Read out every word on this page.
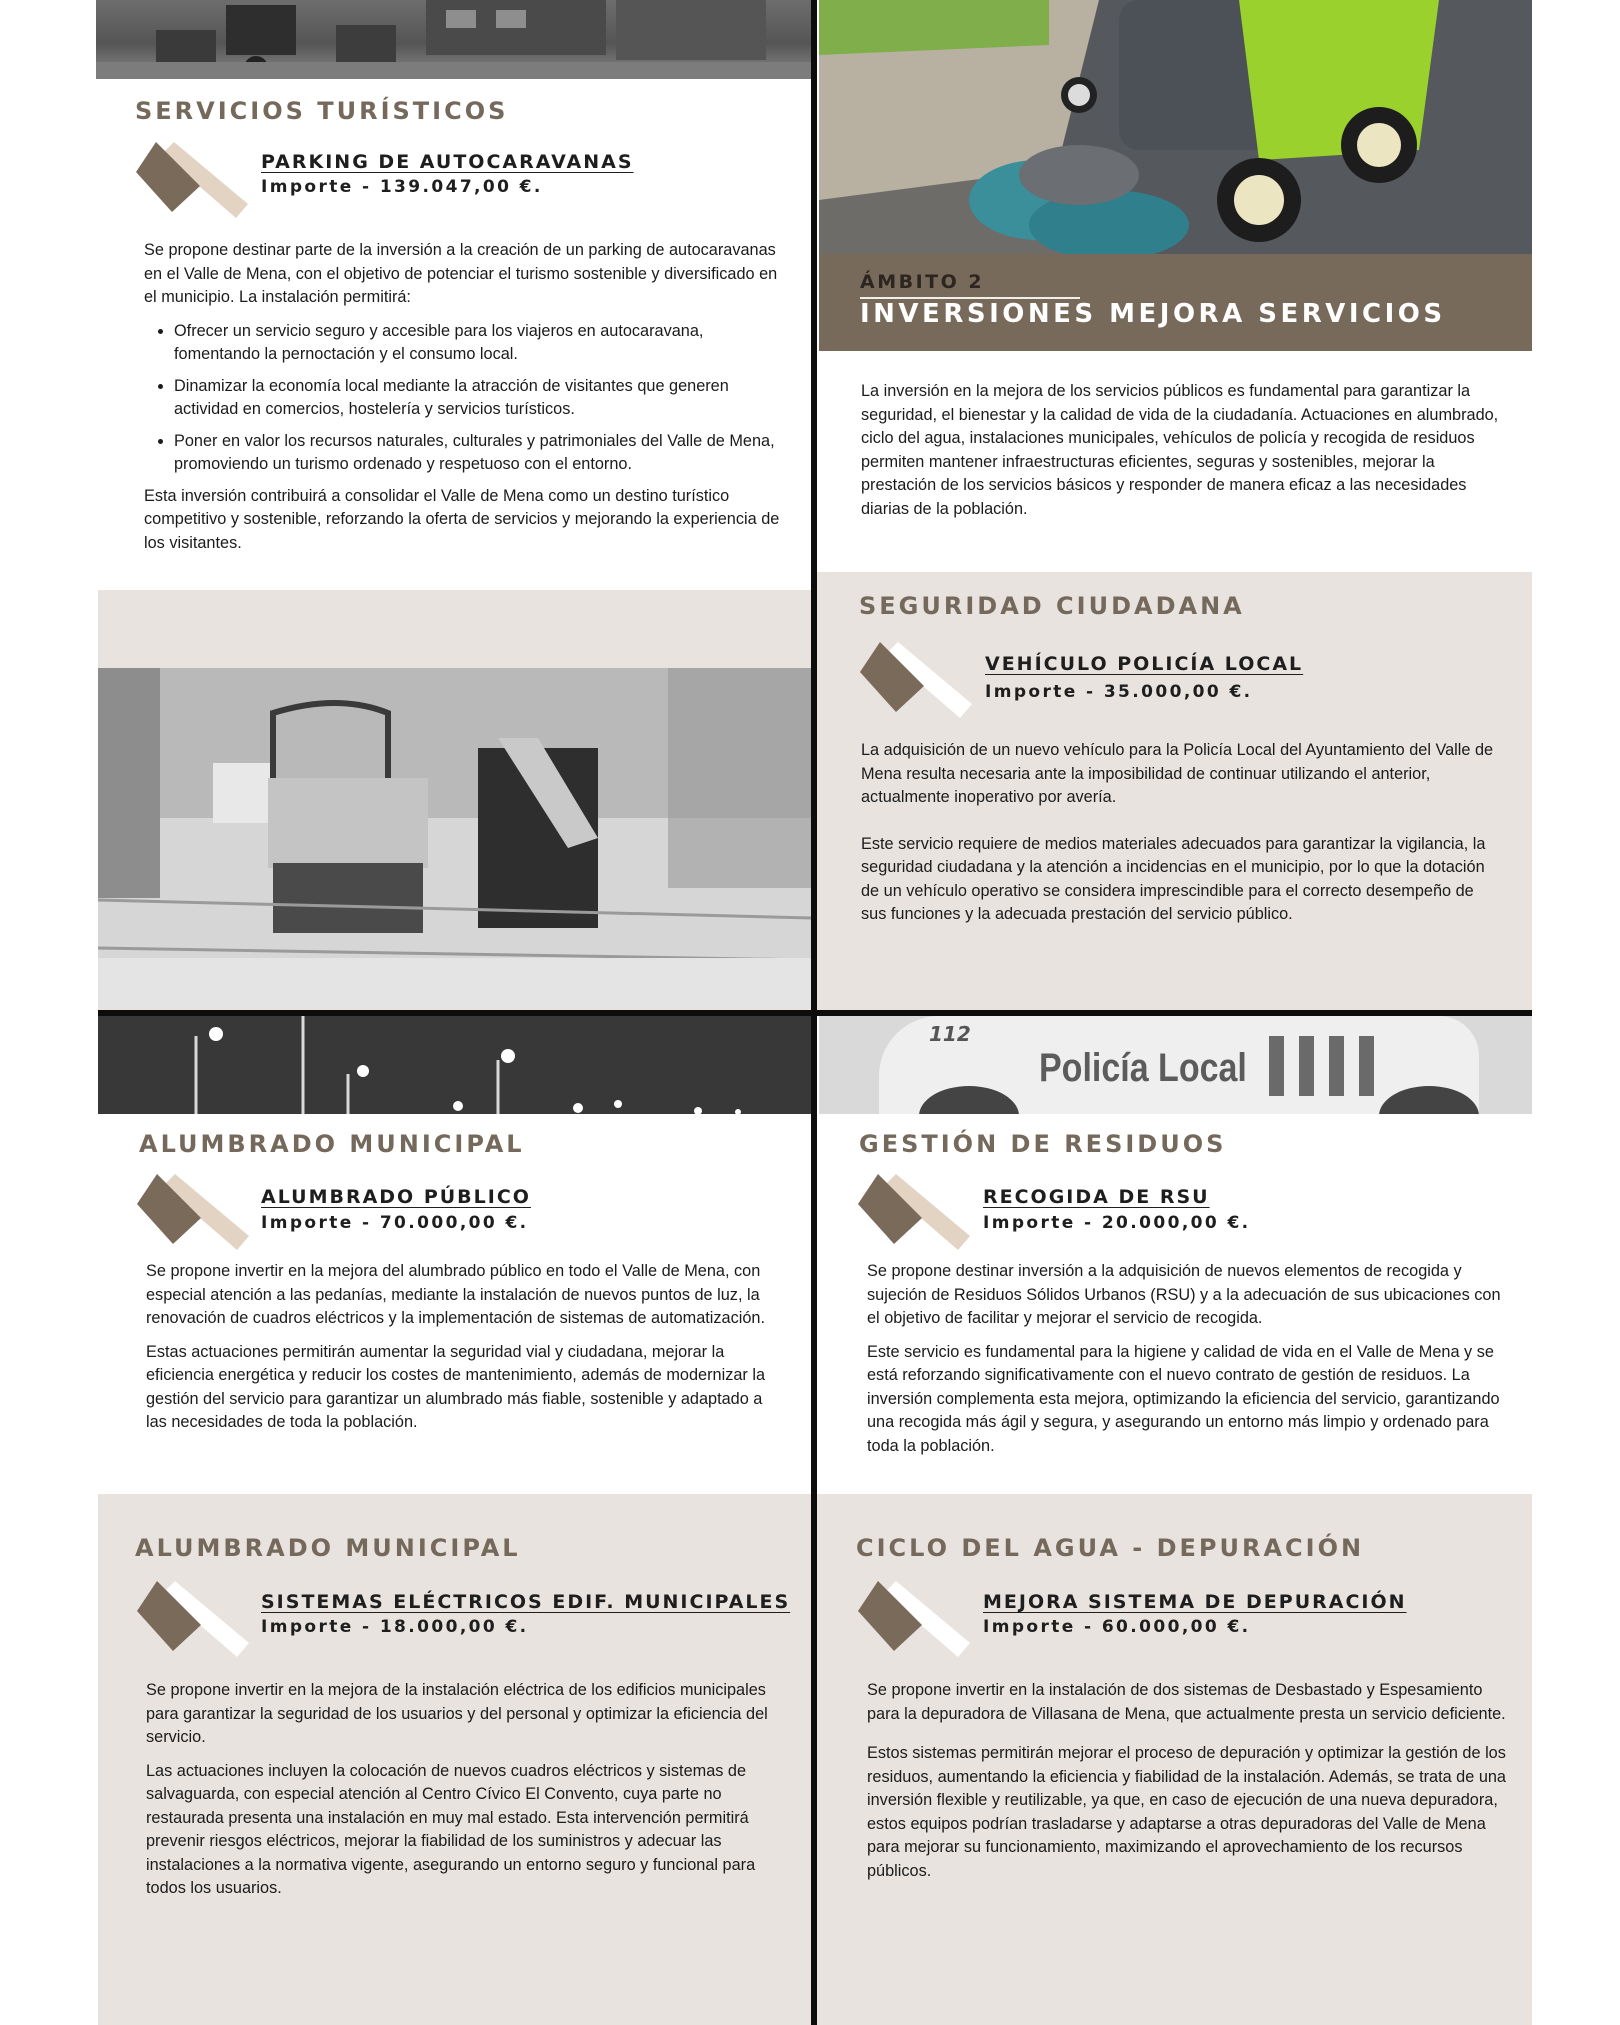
112
Policía Local
ÁMBITO 2
INVERSIONES MEJORA SERVICIOS
La inversión en la mejora de los servicios públicos es fundamental para garantizar la seguridad, el bienestar y la calidad de vida de la ciudadanía. Actuaciones en alumbrado, ciclo del agua, instalaciones municipales, vehículos de policía y recogida de residuos permiten mantener infraestructuras eficientes, seguras y sostenibles, mejorar la prestación de los servicios básicos y responder de manera eficaz a las necesidades diarias de la población.
SERVICIOS TURÍSTICOS
PARKING DE AUTOCARAVANAS
Importe - 139.047,00 €.

Se propone destinar parte de la inversión a la creación de un parking de autocaravanas en el Valle de Mena, con el objetivo de potenciar el turismo sostenible y diversificado en el municipio. La instalación permitirá:

• Ofrecer un servicio seguro y accesible para los viajeros en autocaravana, fomentando la pernoctación y el consumo local.
• Dinamizar la economía local mediante la atracción de visitantes que generen actividad en comercios, hostelería y servicios turísticos.
• Poner en valor los recursos naturales, culturales y patrimoniales del Valle de Mena, promoviendo un turismo ordenado y respetuoso con el entorno.

Esta inversión contribuirá a consolidar el Valle de Mena como un destino turístico competitivo y sostenible, reforzando la oferta de servicios y mejorando la experiencia de los visitantes.

SEGURIDAD CIUDADANA
VEHÍCULO POLICÍA LOCAL
Importe - 35.000,00 €.

La adquisición de un nuevo vehículo para la Policía Local del Ayuntamiento del Valle de Mena resulta necesaria ante la imposibilidad de continuar utilizando el anterior, actualmente inoperativo por avería.

Este servicio requiere de medios materiales adecuados para garantizar la vigilancia, la seguridad ciudadana y la atención a incidencias en el municipio, por lo que la dotación de un vehículo operativo se considera imprescindible para el correcto desempeño de sus funciones y la adecuada prestación del servicio público.

ALUMBRADO MUNICIPAL
ALUMBRADO PÚBLICO
Importe - 70.000,00 €.

Se propone invertir en la mejora del alumbrado público en todo el Valle de Mena, con especial atención a las pedanías, mediante la instalación de nuevos puntos de luz, la renovación de cuadros eléctricos y la implementación de sistemas de automatización.

Estas actuaciones permitirán aumentar la seguridad vial y ciudadana, mejorar la eficiencia energética y reducir los costes de mantenimiento, además de modernizar la gestión del servicio para garantizar un alumbrado más fiable, sostenible y adaptado a las necesidades de toda la población.

GESTIÓN DE RESIDUOS
RECOGIDA DE RSU
Importe - 20.000,00 €.

Se propone destinar inversión a la adquisición de nuevos elementos de recogida y sujeción de Residuos Sólidos Urbanos (RSU) y a la adecuación de sus ubicaciones con el objetivo de facilitar y mejorar el servicio de recogida.

Este servicio es fundamental para la higiene y calidad de vida en el Valle de Mena y se está reforzando significativamente con el nuevo contrato de gestión de residuos. La inversión complementa esta mejora, optimizando la eficiencia del servicio, garantizando una recogida más ágil y segura, y asegurando un entorno más limpio y ordenado para toda la población.

ALUMBRADO MUNICIPAL
SISTEMAS ELÉCTRICOS EDIF. MUNICIPALES
Importe - 18.000,00 €.

Se propone invertir en la mejora de la instalación eléctrica de los edificios municipales para garantizar la seguridad de los usuarios y del personal y optimizar la eficiencia del servicio.

Las actuaciones incluyen la colocación de nuevos cuadros eléctricos y sistemas de salvaguarda, con especial atención al Centro Cívico El Convento, cuya parte no restaurada presenta una instalación en muy mal estado. Esta intervención permitirá prevenir riesgos eléctricos, mejorar la fiabilidad de los suministros y adecuar las instalaciones a la normativa vigente, asegurando un entorno seguro y funcional para todos los usuarios.

CICLO DEL AGUA - DEPURACIÓN
MEJORA SISTEMA DE DEPURACIÓN
Importe - 60.000,00 €.

Se propone invertir en la instalación de dos sistemas de Desbastado y Espesamiento para la depuradora de Villasana de Mena, que actualmente presta un servicio deficiente.

Estos sistemas permitirán mejorar el proceso de depuración y optimizar la gestión de los residuos, aumentando la eficiencia y fiabilidad de la instalación. Además, se trata de una inversión flexible y reutilizable, ya que, en caso de ejecución de una nueva depuradora, estos equipos podrían trasladarse y adaptarse a otras depuradoras del Valle de Mena para mejorar su funcionamiento, maximizando el aprovechamiento de los recursos públicos.
